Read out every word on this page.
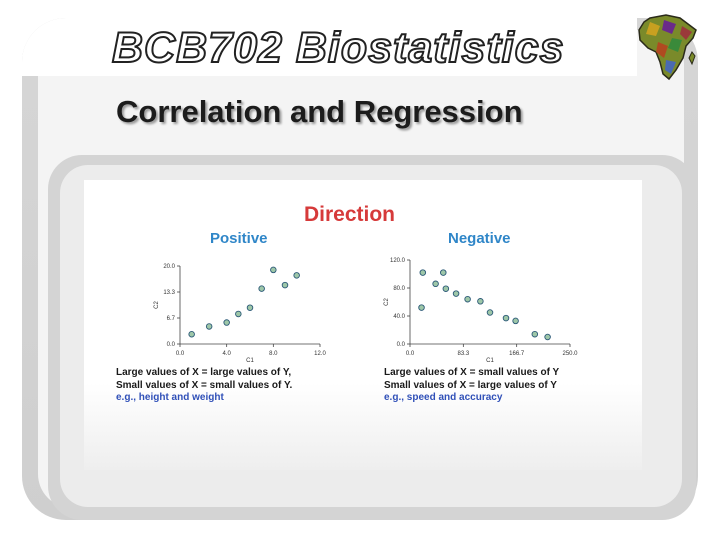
BCB702 Biostatistics
Correlation and Regression
Direction
Positive	Negative
0.0	4.0	8.0	12.0
0.0
6.7
13.3
20.0
C1
C2
0.0	83.3	166.7	250.0
0.0
40.0
80.0
120.0
C1
C2
Large values of X = large values of Y,
Small values of X = small values of Y.
e.g., height and weight
Large values of X = small values of Y
Small values of X = large values of Y
e.g., speed and accuracy
